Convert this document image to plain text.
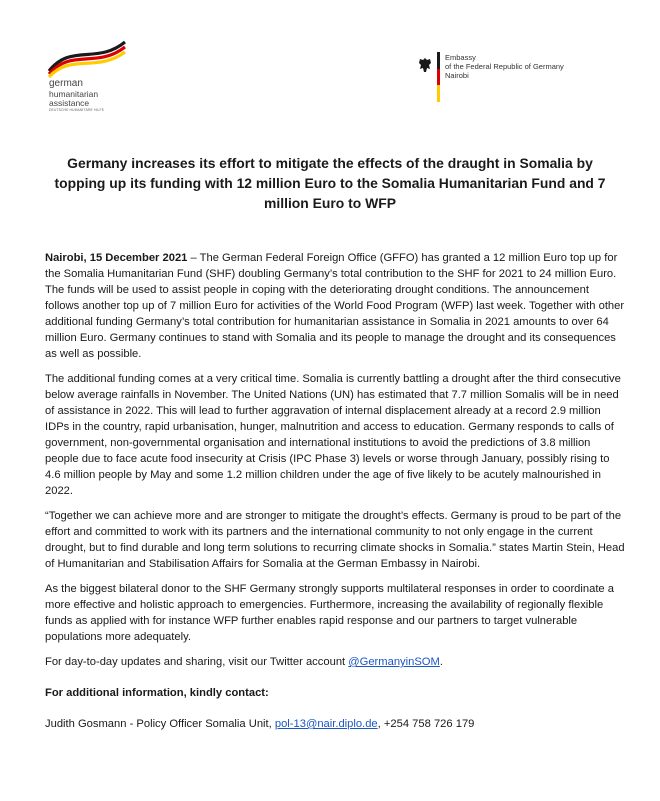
german
humanitarian
assistance
DEUTSCHE HUMANITÄRE HILFE
Embassy
of the Federal Republic of Germany
Nairobi
Germany increases its effort to mitigate the effects of the draught in Somalia by topping up its funding with 12 million Euro to the Somalia Humanitarian Fund and 7 million Euro to WFP

Nairobi, 15 December 2021 – The German Federal Foreign Office (GFFO) has granted a 12 million Euro top up for the Somalia Humanitarian Fund (SHF) doubling Germany’s total contribution to the SHF for 2021 to 24 million Euro. The funds will be used to assist people in coping with the deteriorating drought conditions. The announcement follows another top up of 7 million Euro for activities of the World Food Program (WFP) last week. Together with other additional funding Germany’s total contribution for humanitarian assistance in Somalia in 2021 amounts to over 64 million Euro. Germany continues to stand with Somalia and its people to manage the drought and its consequences as well as possible.

The additional funding comes at a very critical time. Somalia is currently battling a drought after the third consecutive below average rainfalls in November. The United Nations (UN) has estimated that 7.7 million Somalis will be in need of assistance in 2022. This will lead to further aggravation of internal displacement already at a record 2.9 million IDPs in the country, rapid urbanisation, hunger, malnutrition and access to education. Germany responds to calls of government, non-governmental organisation and international institutions to avoid the predictions of 3.8 million people due to face acute food insecurity at Crisis (IPC Phase 3) levels or worse through January, possibly rising to 4.6 million people by May and some 1.2 million children under the age of five likely to be acutely malnourished in 2022.

“Together we can achieve more and are stronger to mitigate the drought’s effects. Germany is proud to be part of the effort and committed to work with its partners and the international community to not only engage in the current drought, but to find durable and long term solutions to recurring climate shocks in Somalia.” states Martin Stein, Head of Humanitarian and Stabilisation Affairs for Somalia at the German Embassy in Nairobi.

As the biggest bilateral donor to the SHF Germany strongly supports multilateral responses in order to coordinate a more effective and holistic approach to emergencies. Furthermore, increasing the availability of regionally flexible funds as applied with for instance WFP further enables rapid response and our partners to target vulnerable populations more adequately.

For day-to-day updates and sharing, visit our Twitter account @GermanyinSOM.

For additional information, kindly contact:

Judith Gosmann - Policy Officer Somalia Unit, pol-13@nair.diplo.de, +254 758 726 179
